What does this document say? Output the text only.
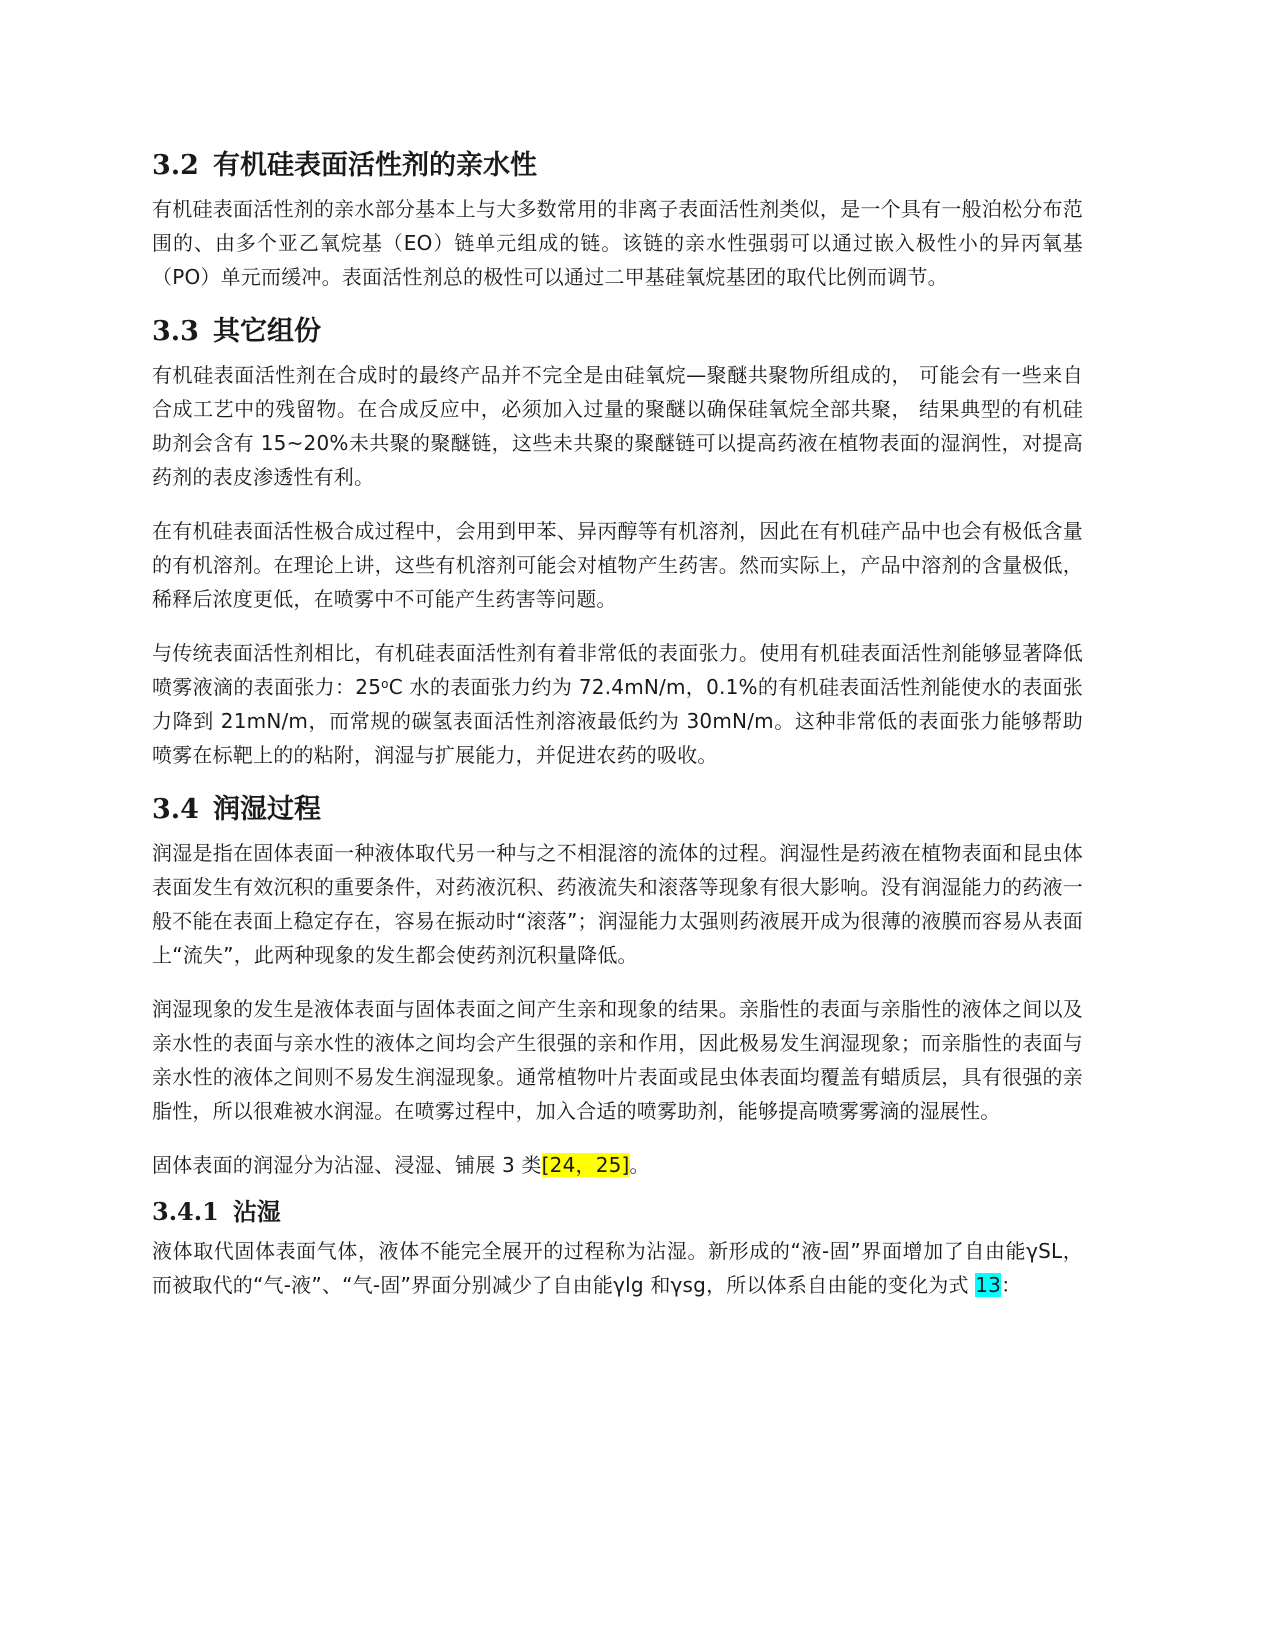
3.2 有机硅表面活性剂的亲水性

有机硅表面活性剂的亲水部分基本上与大多数常用的非离子表面活性剂类似，是一个具有一般泊松分布范围的、由多个亚乙氧烷基（EO）链单元组成的链。该链的亲水性强弱可以通过嵌入极性小的异丙氧基（PO）单元而缓冲。表面活性剂总的极性可以通过二甲基硅氧烷基团的取代比例而调节。

3.3 其它组份

有机硅表面活性剂在合成时的最终产品并不完全是由硅氧烷—聚醚共聚物所组成的， 可能会有一些来自合成工艺中的残留物。在合成反应中，必须加入过量的聚醚以确保硅氧烷全部共聚， 结果典型的有机硅助剂会含有 15~20%未共聚的聚醚链，这些未共聚的聚醚链可以提高药液在植物表面的湿润性，对提高药剂的表皮渗透性有利。

在有机硅表面活性极合成过程中，会用到甲苯、异丙醇等有机溶剂，因此在有机硅产品中也会有极低含量的有机溶剂。在理论上讲，这些有机溶剂可能会对植物产生药害。然而实际上，产品中溶剂的含量极低，稀释后浓度更低，在喷雾中不可能产生药害等问题。

与传统表面活性剂相比，有机硅表面活性剂有着非常低的表面张力。使用有机硅表面活性剂能够显著降低喷雾液滴的表面张力：25$^o$C 水的表面张力约为 72.4mN/m，0.1%的有机硅表面活性剂能使水的表面张力降到 21mN/m，而常规的碳氢表面活性剂溶液最低约为 30mN/m。这种非常低的表面张力能够帮助喷雾在标靶上的的粘附，润湿与扩展能力，并促进农药的吸收。

3.4 润湿过程

润湿是指在固体表面一种液体取代另一种与之不相混溶的流体的过程。润湿性是药液在植物表面和昆虫体表面发生有效沉积的重要条件，对药液沉积、药液流失和滚落等现象有很大影响。没有润湿能力的药液一般不能在表面上稳定存在，容易在振动时“滚落”；润湿能力太强则药液展开成为很薄的液膜而容易从表面上“流失”，此两种现象的发生都会使药剂沉积量降低。

润湿现象的发生是液体表面与固体表面之间产生亲和现象的结果。亲脂性的表面与亲脂性的液体之间以及亲水性的表面与亲水性的液体之间均会产生很强的亲和作用，因此极易发生润湿现象；而亲脂性的表面与亲水性的液体之间则不易发生润湿现象。通常植物叶片表面或昆虫体表面均覆盖有蜡质层，具有很强的亲脂性，所以很难被水润湿。在喷雾过程中，加入合适的喷雾助剂，能够提高喷雾雾滴的湿展性。

固体表面的润湿分为沾湿、浸湿、铺展 3 类[24，25]。

3.4.1 沾湿

液体取代固体表面气体，液体不能完全展开的过程称为沾湿。新形成的“液-固”界面增加了自由能γSL，而被取代的“气-液”、“气-固”界面分别减少了自由能γlg 和γsg，所以体系自由能的变化为式 13：
